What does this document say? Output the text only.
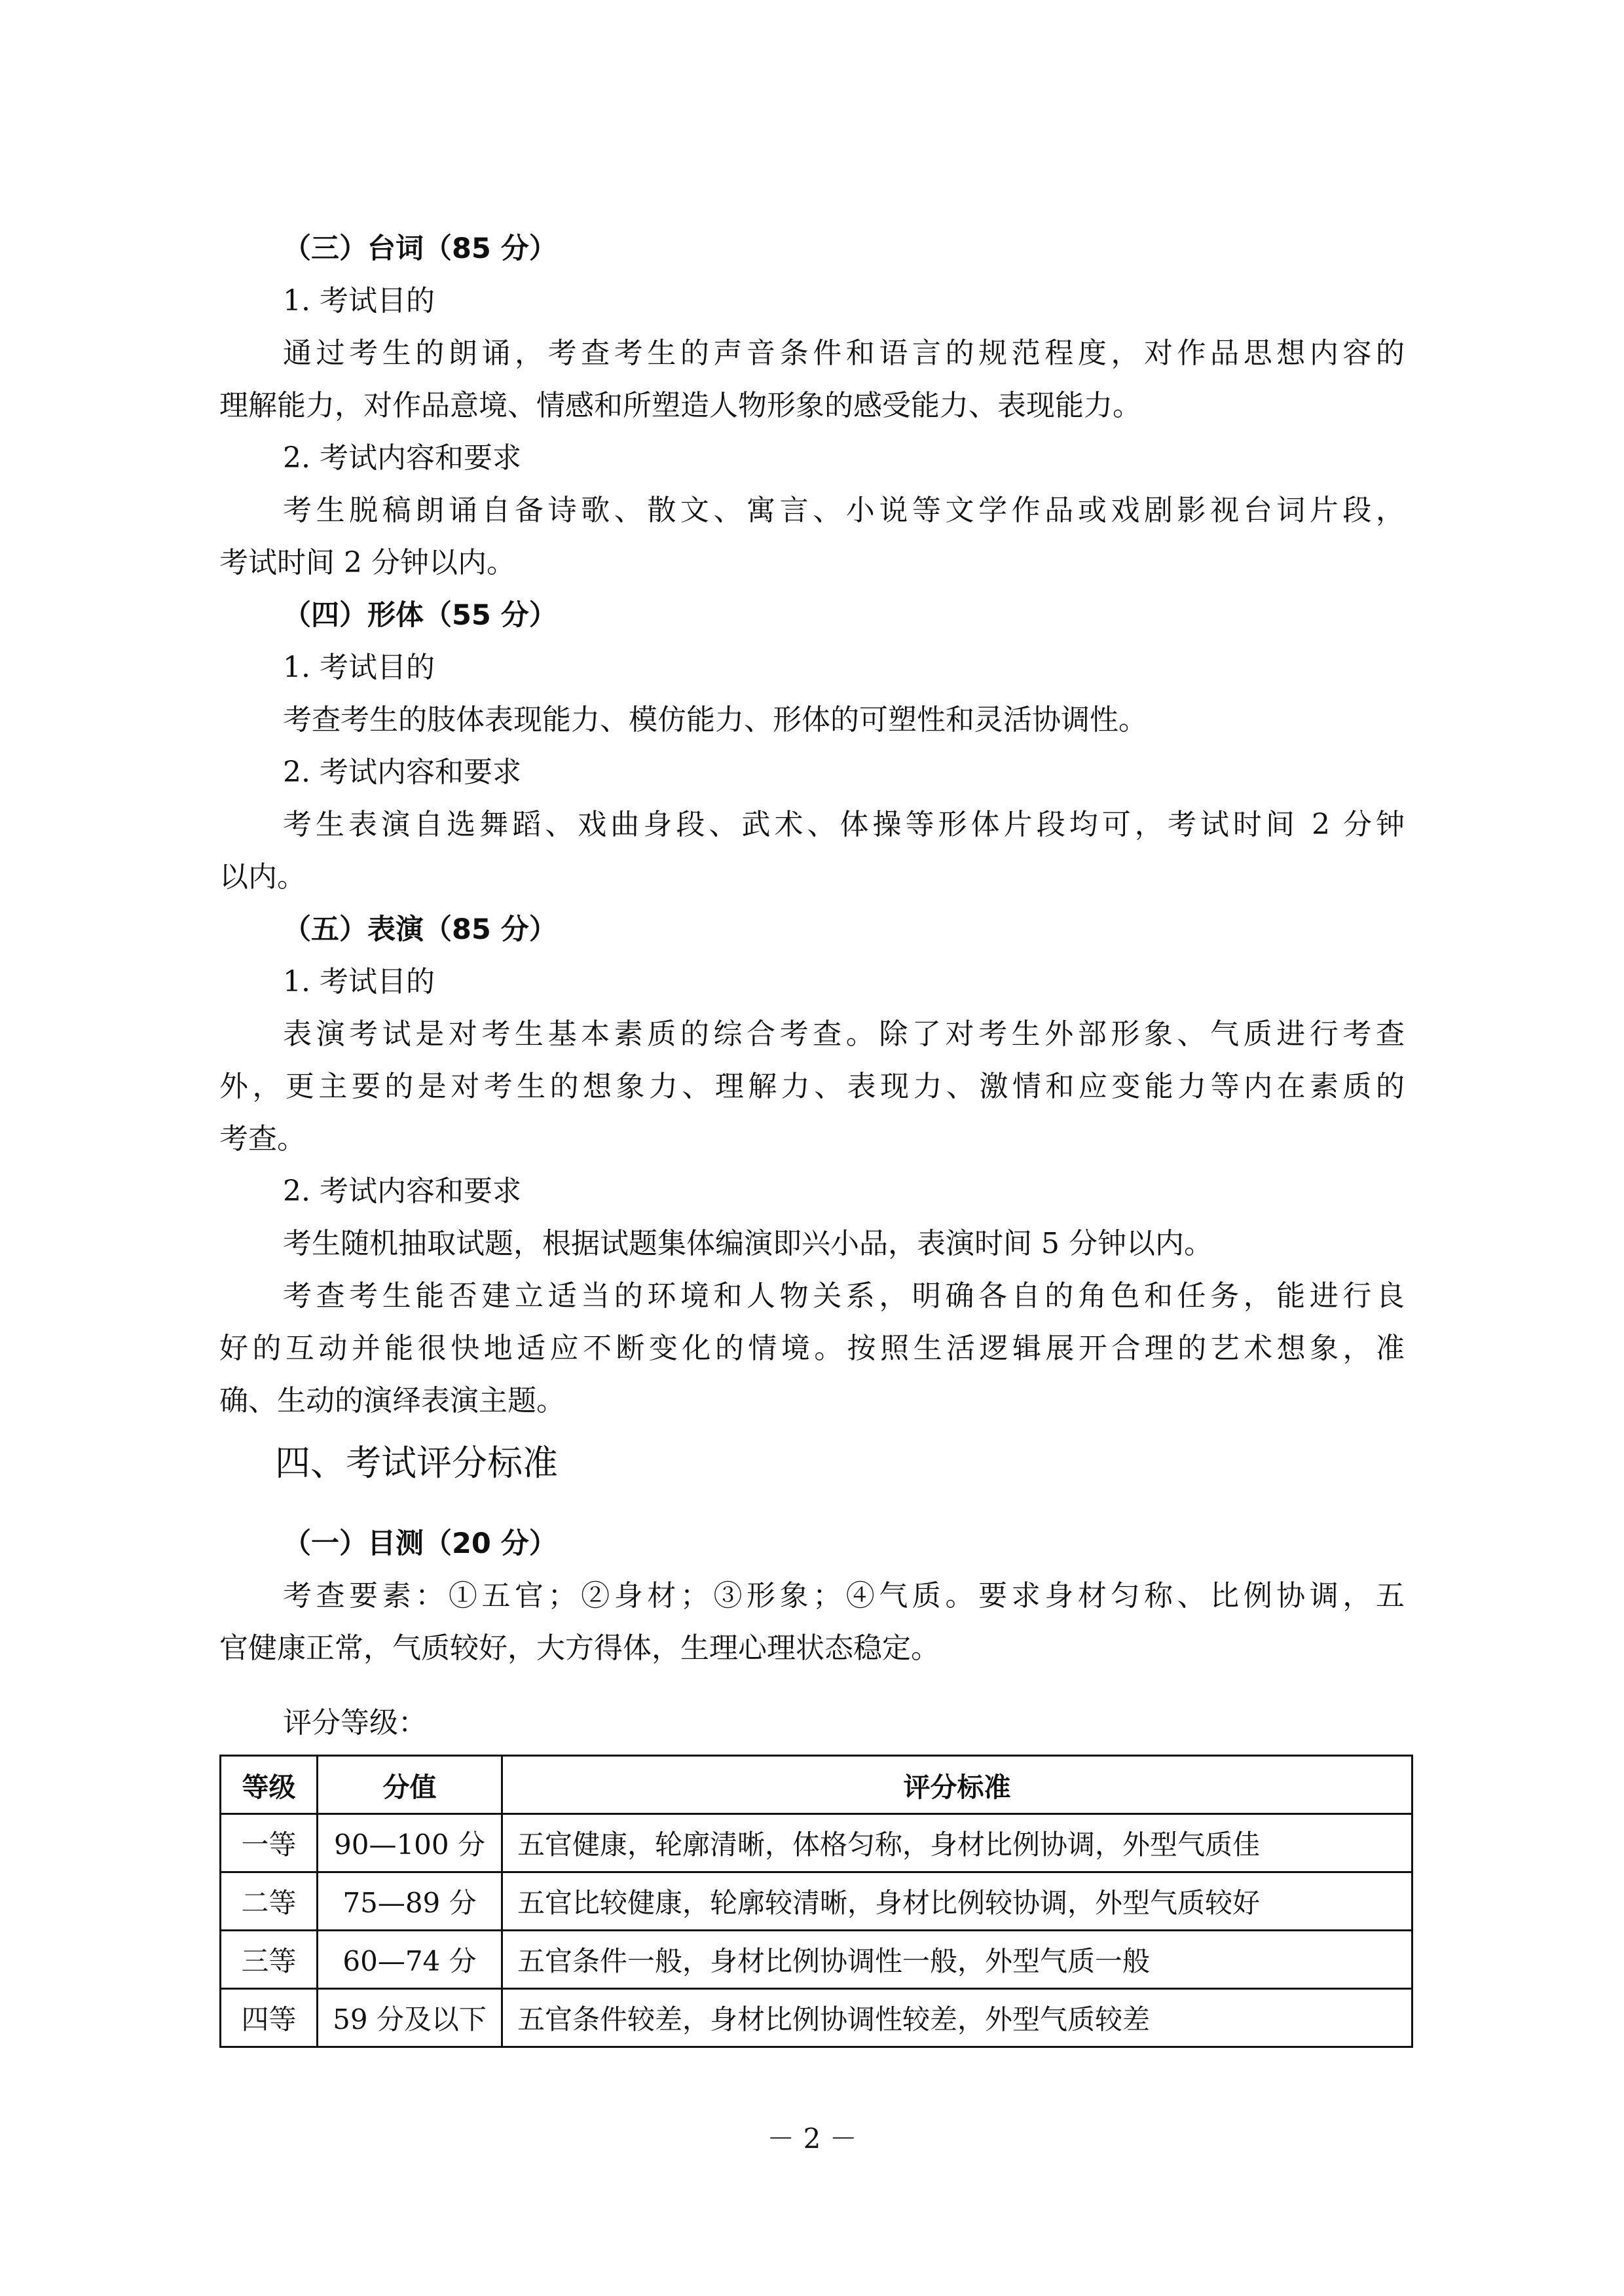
（三）台词（85 分）
1. 考试目的
通过考生的朗诵，考查考生的声音条件和语言的规范程度，对作品思想内容的
理解能力，对作品意境、情感和所塑造人物形象的感受能力、表现能力。
2. 考试内容和要求
考生脱稿朗诵自备诗歌、散文、寓言、小说等文学作品或戏剧影视台词片段，
考试时间 2 分钟以内。
（四）形体（55 分）
1. 考试目的
考查考生的肢体表现能力、模仿能力、形体的可塑性和灵活协调性。
2. 考试内容和要求
考生表演自选舞蹈、戏曲身段、武术、体操等形体片段均可，考试时间 2 分钟
以内。
（五）表演（85 分）
1. 考试目的
表演考试是对考生基本素质的综合考查。除了对考生外部形象、气质进行考查
外，更主要的是对考生的想象力、理解力、表现力、激情和应变能力等内在素质的
考查。
2. 考试内容和要求
考生随机抽取试题，根据试题集体编演即兴小品，表演时间 5 分钟以内。
考查考生能否建立适当的环境和人物关系，明确各自的角色和任务，能进行良
好的互动并能很快地适应不断变化的情境。按照生活逻辑展开合理的艺术想象，准
确、生动的演绎表演主题。
四、考试评分标准
（一）目测（20 分）
考查要素：①五官；②身材；③形象；④气质。要求身材匀称、比例协调，五
官健康正常，气质较好，大方得体，生理心理状态稳定。
评分等级：
等级	分值	评分标准
一等	90—100 分	五官健康，轮廓清晰，体格匀称，身材比例协调，外型气质佳
二等	75—89 分	五官比较健康，轮廓较清晰，身材比例较协调，外型气质较好
三等	60—74 分	五官条件一般，身材比例协调性一般，外型气质一般
四等	59 分及以下	五官条件较差，身材比例协调性较差，外型气质较差
－ 2 －
